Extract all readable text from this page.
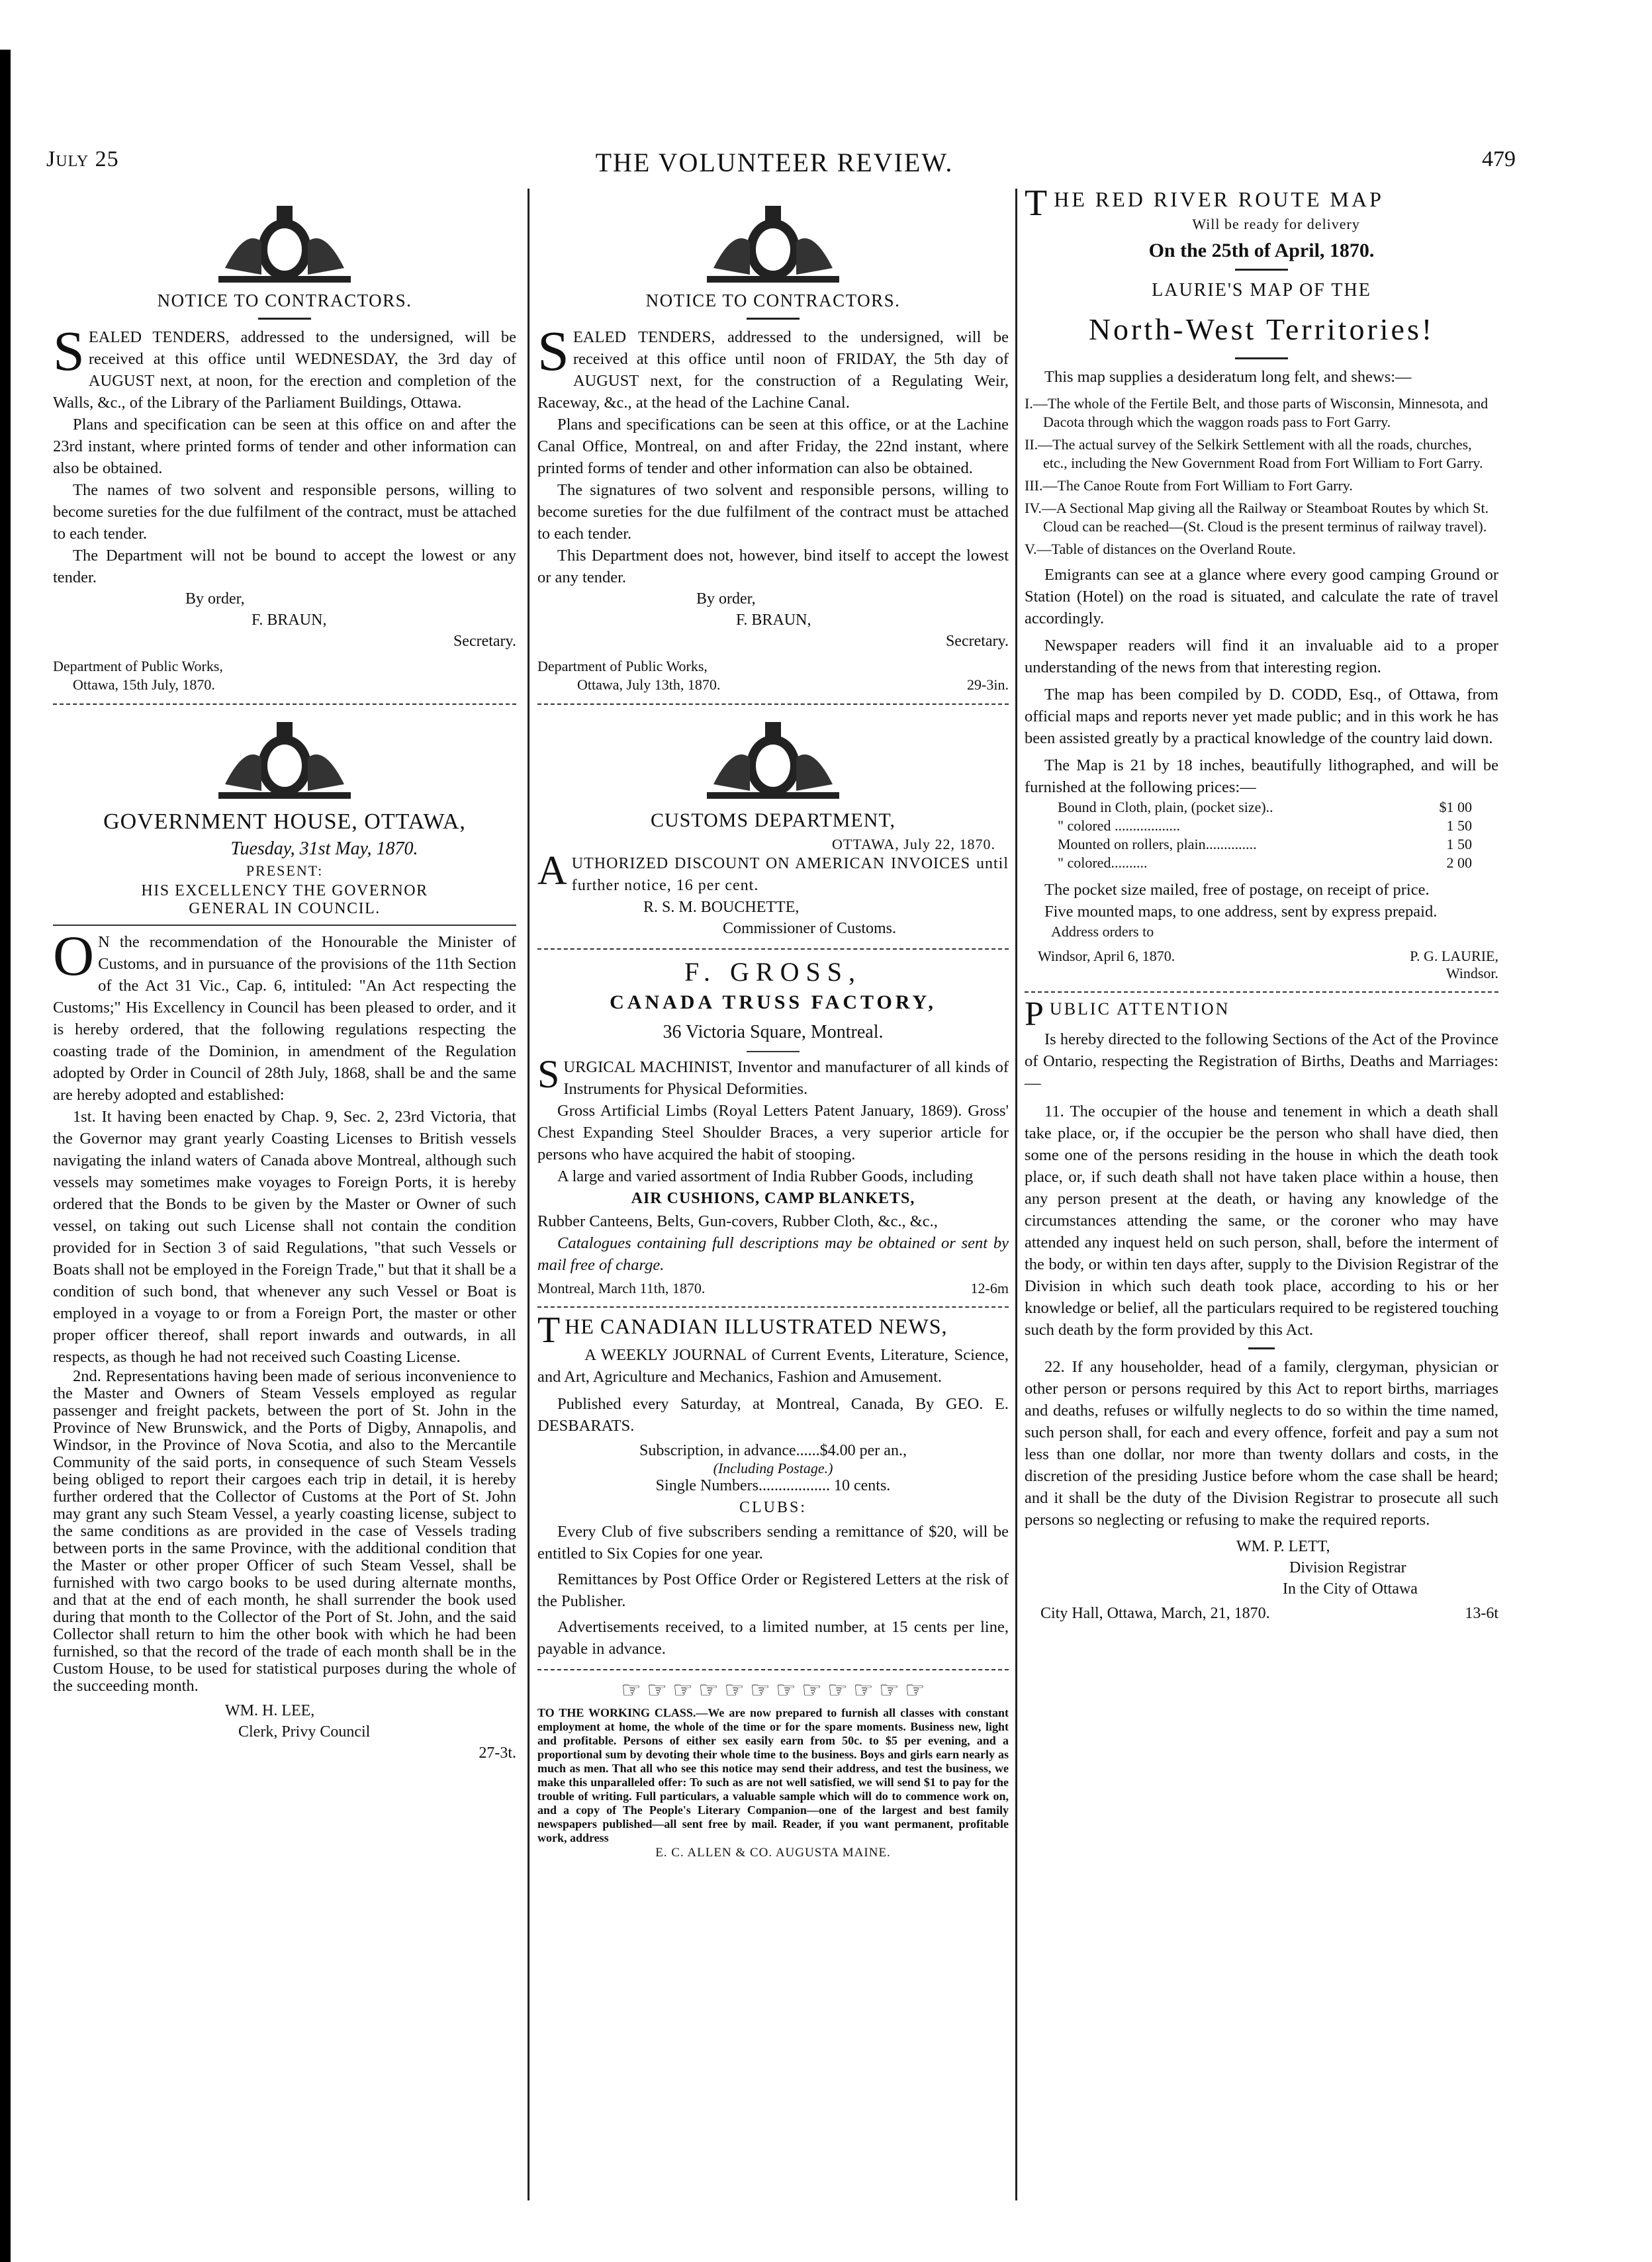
July 25	THE VOLUNTEER REVIEW.	479
NOTICE TO CONTRACTORS.

SEALED TENDERS, addressed to the undersigned, will be received at this office until WEDNESDAY, the 3rd day of AUGUST next, at noon, for the erection and completion of the Walls, &c., of the Library of the Parliament Buildings, Ottawa.

Plans and specification can be seen at this office on and after the 23rd instant, where printed forms of tender and other information can also be obtained.

The names of two solvent and responsible persons, willing to become sureties for the due fulfilment of the contract, must be attached to each tender.

The Department will not be bound to accept the lowest or any tender.

By order,
F. BRAUN,
Secretary.
Department of Public Works,
Ottawa, 15th July, 1870.
GOVERNMENT HOUSE, OTTAWA,
Tuesday, 31st May, 1870.
PRESENT:
HIS EXCELLENCY THE GOVERNOR
GENERAL IN COUNCIL.

O N the recommendation of the Honourable the Minister of Customs, and in pursuance of the provisions of the 11th Section of the Act 31 Vic., Cap. 6, intituled: "An Act respecting the Customs;" His Excellency in Council has been pleased to order, and it is hereby ordered, that the following regulations respecting the coasting trade of the Dominion, in amendment of the Regulation adopted by Order in Council of 28th July, 1868, shall be and the same are hereby adopted and established:

1st. It having been enacted by Chap. 9, Sec. 2, 23rd Victoria, that the Governor may grant yearly Coasting Licenses to British vessels navigating the inland waters of Canada above Montreal, although such vessels may sometimes make voyages to Foreign Ports, it is hereby ordered that the Bonds to be given by the Master or Owner of such vessel, on taking out such License shall not contain the condition provided for in Section 3 of said Regulations, "that such Vessels or Boats shall not be employed in the Foreign Trade," but that it shall be a condition of such bond, that whenever any such Vessel or Boat is employed in a voyage to or from a Foreign Port, the master or other proper officer thereof, shall report inwards and outwards, in all respects, as though he had not received such Coasting License.

2nd. Representations having been made of serious inconvenience to the Master and Owners of Steam Vessels employed as regular passenger and freight packets, between the port of St. John in the Province of New Brunswick, and the Ports of Digby, Annapolis, and Windsor, in the Province of Nova Scotia, and also to the Mercantile Community of the said ports, in consequence of such Steam Vessels being obliged to report their cargoes each trip in detail, it is hereby further ordered that the Collector of Customs at the Port of St. John may grant any such Steam Vessel, a yearly coasting license, subject to the same conditions as are provided in the case of Vessels trading between ports in the same Province, with the additional condition that the Master or other proper Officer of such Steam Vessel, shall be furnished with two cargo books to be used during alternate months, and that at the end of each month, he shall surrender the book used during that month to the Collector of the Port of St. John, and the said Collector shall return to him the other book with which he had been furnished, so that the record of the trade of each month shall be in the Custom House, to be used for statistical purposes during the whole of the succeeding month.

WM. H. LEE,
Clerk, Privy Council
27-3t.
NOTICE TO CONTRACTORS.

SEALED TENDERS, addressed to the undersigned, will be received at this office until noon of FRIDAY, the 5th day of AUGUST next, for the construction of a Regulating Weir, Raceway, &c., at the head of the Lachine Canal.

Plans and specifications can be seen at this office, or at the Lachine Canal Office, Montreal, on and after Friday, the 22nd instant, where printed forms of tender and other information can also be obtained.

The signatures of two solvent and responsible persons, willing to become sureties for the due fulfilment of the contract must be attached to each tender.

This Department does not, however, bind itself to accept the lowest or any tender.

By order,
F. BRAUN,
Secretary.
Department of Public Works,
Ottawa, July 13th, 1870.	29-3in.
CUSTOMS DEPARTMENT,
OTTAWA, July 22, 1870.

AUTHORIZED DISCOUNT ON AMERICAN INVOICES until further notice, 16 per cent.

R. S. M. BOUCHETTE,
Commissioner of Customs.
F. GROSS,
CANADA TRUSS FACTORY,
36 Victoria Square, Montreal.

SURGICAL MACHINIST, Inventor and manufacturer of all kinds of Instruments for Physical Deformities.

Gross Artificial Limbs (Royal Letters Patent January, 1869). Gross' Chest Expanding Steel Shoulder Braces, a very superior article for persons who have acquired the habit of stooping.

A large and varied assortment of India Rubber Goods, including

AIR CUSHIONS, CAMP BLANKETS,

Rubber Canteens, Belts, Gun-covers, Rubber Cloth, &c., &c.,

Catalogues containing full descriptions may be obtained or sent by mail free of charge.

Montreal, March 11th, 1870.	12-6m
THE CANADIAN ILLUSTRATED NEWS,

A WEEKLY JOURNAL of Current Events, Literature, Science, and Art, Agriculture and Mechanics, Fashion and Amusement.

Published every Saturday, at Montreal, Canada, By GEO. E. DESBARATS.

Subscription, in advance......$4.00 per an.,
(Including Postage.)
Single Numbers.................. 10 cents.
CLUBS:

Every Club of five subscribers sending a remittance of $20, will be entitled to Six Copies for one year.

Remittances by Post Office Order or Registered Letters at the risk of the Publisher.

Advertisements received, to a limited number, at 15 cents per line, payable in advance.

☞ ☞ ☞ ☞ ☞ ☞ ☞ ☞ ☞ ☞ ☞ ☞

TO THE WORKING CLASS.—We are now prepared to furnish all classes with constant employment at home, the whole of the time or for the spare moments. Business new, light and profitable. Persons of either sex easily earn from 50c. to $5 per evening, and a proportional sum by devoting their whole time to the business. Boys and girls earn nearly as much as men. That all who see this notice may send their address, and test the business, we make this unparalleled offer: To such as are not well satisfied, we will send $1 to pay for the trouble of writing. Full particulars, a valuable sample which will do to commence work on, and a copy of The People's Literary Companion—one of the largest and best family newspapers published—all sent free by mail. Reader, if you want permanent, profitable work, address

E. C. ALLEN & CO. AUGUSTA MAINE.
THE RED RIVER ROUTE MAP
Will be ready for delivery
On the 25th of April, 1870.
LAURIE'S MAP OF THE
North-West Territories!

This map supplies a desideratum long felt, and shews:—

I.—The whole of the Fertile Belt, and those parts of Wisconsin, Minnesota, and Dacota through which the waggon roads pass to Fort Garry.
II.—The actual survey of the Selkirk Settlement with all the roads, churches, etc., including the New Government Road from Fort William to Fort Garry.
III.—The Canoe Route from Fort William to Fort Garry.
IV.—A Sectional Map giving all the Railway or Steamboat Routes by which St. Cloud can be reached—(St. Cloud is the present terminus of railway travel).
V.—Table of distances on the Overland Route.

Emigrants can see at a glance where every good camping Ground or Station (Hotel) on the road is situated, and calculate the rate of travel accordingly.

Newspaper readers will find it an invaluable aid to a proper understanding of the news from that interesting region.

The map has been compiled by D. CODD, Esq., of Ottawa, from official maps and reports never yet made public; and in this work he has been assisted greatly by a practical knowledge of the country laid down.

The Map is 21 by 18 inches, beautifully lithographed, and will be furnished at the following prices:—

Bound in Cloth, plain, (pocket size)..	$1 00
" colored ..................	1 50
Mounted on rollers, plain..............	1 50
" colored..........	2 00

The pocket size mailed, free of postage, on receipt of price.

Five mounted maps, to one address, sent by express prepaid.

Address orders to
Windsor, April 6, 1870.	P. G. LAURIE,
Windsor.
PUBLIC ATTENTION

Is hereby directed to the following Sections of the Act of the Province of Ontario, respecting the Registration of Births, Deaths and Marriages:—

11. The occupier of the house and tenement in which a death shall take place, or, if the occupier be the person who shall have died, then some one of the persons residing in the house in which the death took place, or, if such death shall not have taken place within a house, then any person present at the death, or having any knowledge of the circumstances attending the same, or the coroner who may have attended any inquest held on such person, shall, before the interment of the body, or within ten days after, supply to the Division Registrar of the Division in which such death took place, according to his or her knowledge or belief, all the particulars required to be registered touching such death by the form provided by this Act.

22. If any householder, head of a family, clergyman, physician or other person or persons required by this Act to report births, marriages and deaths, refuses or wilfully neglects to do so within the time named, such person shall, for each and every offence, forfeit and pay a sum not less than one dollar, nor more than twenty dollars and costs, in the discretion of the presiding Justice before whom the case shall be heard; and it shall be the duty of the Division Registrar to prosecute all such persons so neglecting or refusing to make the required reports.

WM. P. LETT,
Division Registrar
In the City of Ottawa
City Hall, Ottawa, March, 21, 1870.	13-6t
